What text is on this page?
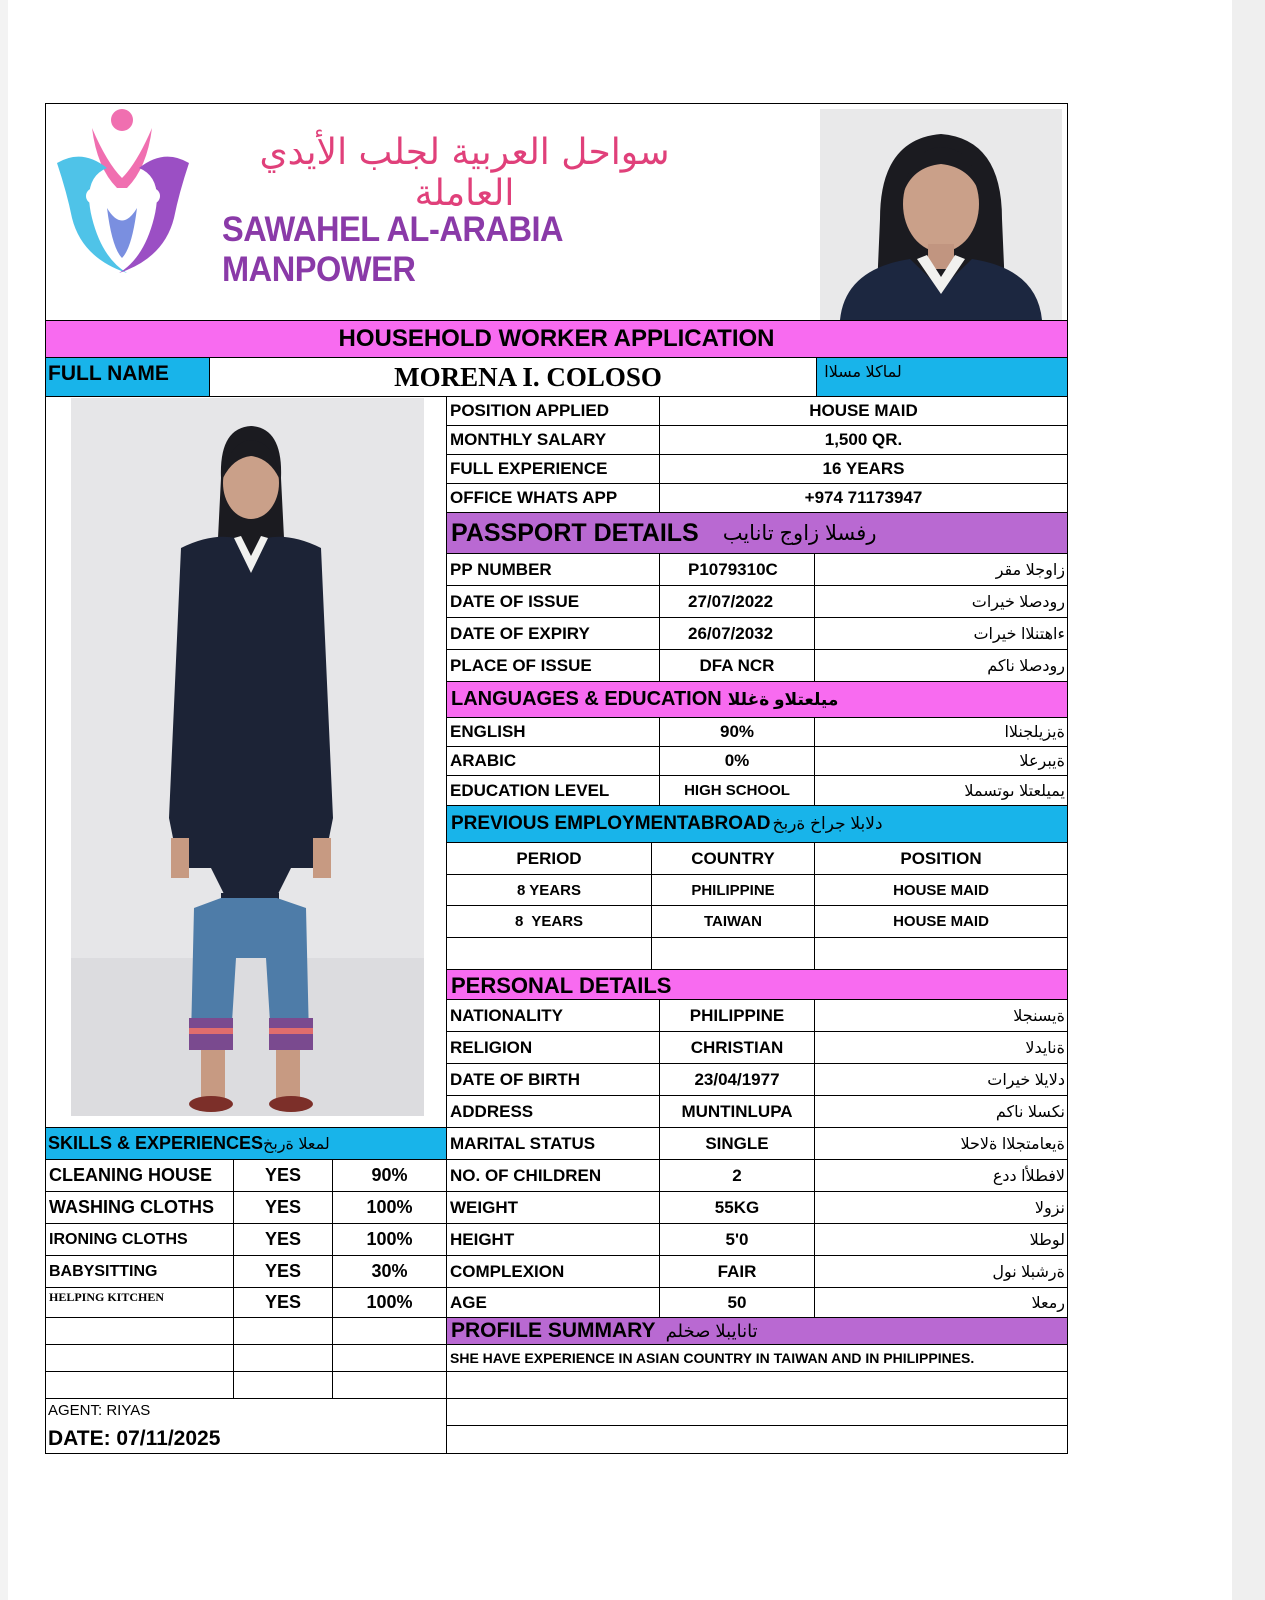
سواحل العربية لجلب الأيدي العاملة
SAWAHEL AL-ARABIA MANPOWER
HOUSEHOLD WORKER APPLICATION
FULL NAME	MORENA I. COLOSO	لماكلا مسلاا
POSITION APPLIED	HOUSE MAID
MONTHLY SALARY	1,500 QR.
FULL EXPERIENCE	16 YEARS
OFFICE WHATS APP	+974 71173947
PASSPORT DETAILS رفسلا زاوج تانايب
PP NUMBER	P1079310C	زاوجلا مقر
DATE OF ISSUE	27/07/2022	رودصلا خيرات
DATE OF EXPIRY	26/07/2032	ءاهتنلاا خيرات
PLACE OF ISSUE	DFA NCR	رودصلا ناكم
LANGUAGES & EDUCATION ميلعتلاو ةغللا
ENGLISH	90%	ةيزيلجنلاا
ARABIC	0%	ةيبرعلا
EDUCATION LEVEL	HIGH SCHOOL	يميلعتلا ىوتسملا
PREVIOUS EMPLOYMENTABROAD دلابلا جراخ ةربخ
PERIOD	COUNTRY	POSITION
8 YEARS	PHILIPPINE	HOUSE MAID
8  YEARS	TAIWAN	HOUSE MAID
PERSONAL DETAILS
NATIONALITY	PHILIPPINE	ةيسنجلا
RELIGION	CHRISTIAN	ةنايدلا
DATE OF BIRTH	23/04/1977	دلايلا خيرات
ADDRESS	MUNTINLUPA	نكسلا ناكم
MARITAL STATUS	SINGLE	ةيعامتجلاا ةلاحلا
NO. OF CHILDREN	2	لافطلأا ددع
WEIGHT	55KG	نزولا
HEIGHT	5'0	لوطلا
COMPLEXION	FAIR	ةرشبلا نول
AGE	50	رمعلا
SKILLS & EXPERIENCES لمعلا ةربخ
CLEANING HOUSE	YES	90%
WASHING CLOTHS	YES	100%
IRONING CLOTHS	YES	100%
BABYSITTING	YES	30%
HELPING KITCHEN	YES	100%
PROFILE SUMMARY تانايبلا صخلم
SHE HAVE EXPERIENCE IN ASIAN COUNTRY IN TAIWAN AND IN PHILIPPINES.
AGENT: RIYAS
DATE: 07/11/2025
